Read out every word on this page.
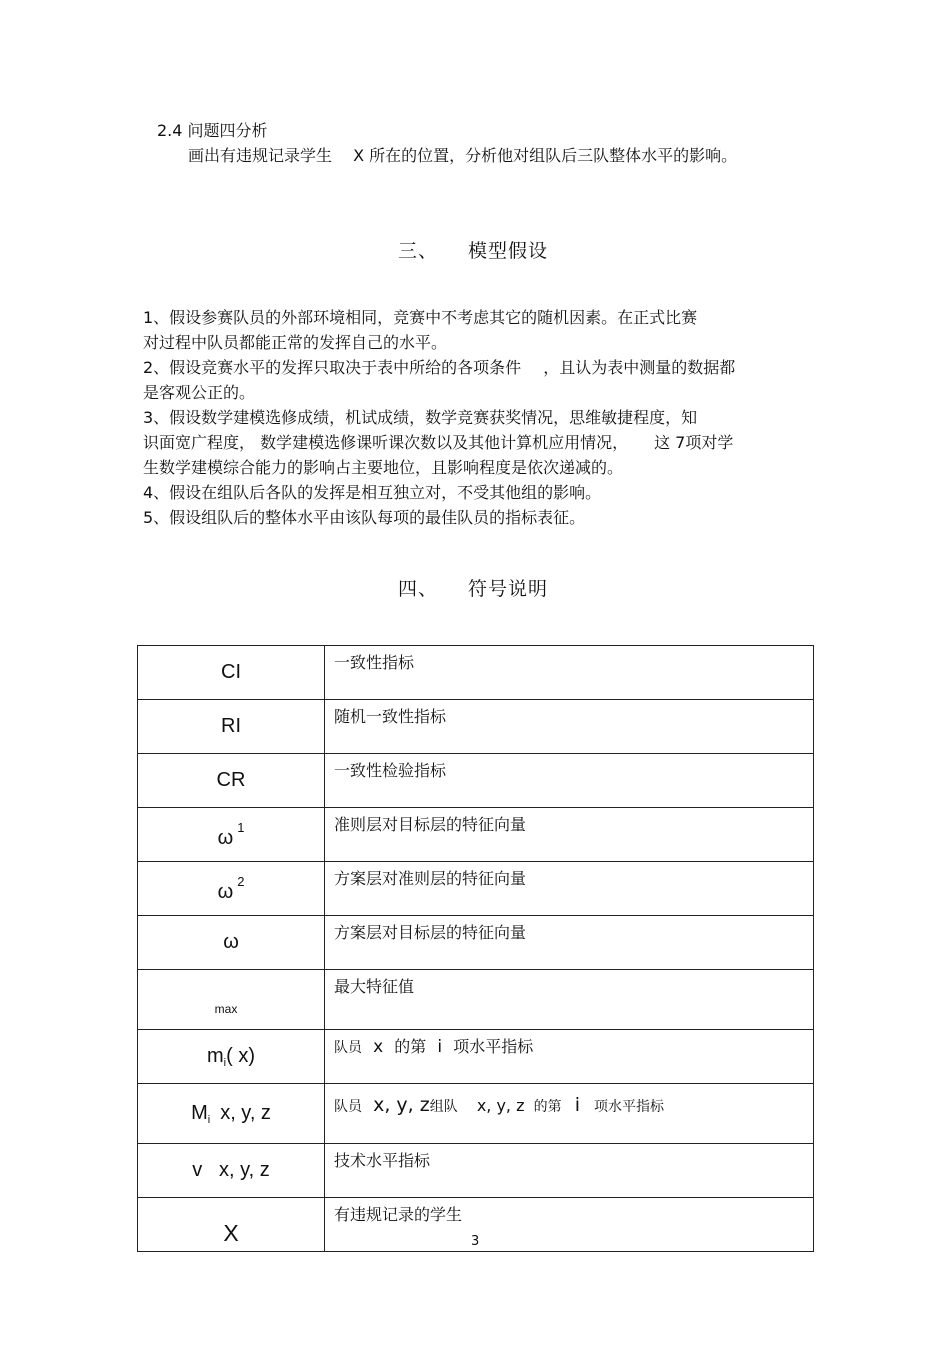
2.4 问题四分析
画出有违规记录学生 X 所在的位置，分析他对组队后三队整体水平的影响。
三、 模型假设

1、假设参赛队员的外部环境相同，竞赛中不考虑其它的随机因素。在正式比赛

对过程中队员都能正常的发挥自己的水平。

2、假设竞赛水平的发挥只取决于表中所给的各项条件 ，且认为表中测量的数据都

是客观公正的。

3、假设数学建模选修成绩，机试成绩，数学竞赛获奖情况，思维敏捷程度，知

识面宽广程度， 数学建模选修课听课次数以及其他计算机应用情况， 这 7项对学

生数学建模综合能力的影响占主要地位，且影响程度是依次递减的。

4、假设在组队后各队的发挥是相互独立对，不受其他组的影响。

5、假设组队后的整体水平由该队每项的最佳队员的指标表征。

四、 符号说明
CI	一致性指标
RI	随机一致性指标
CR	一致性检验指标
ω $^1$	准则层对目标层的特征向量
ω $^2$	方案层对准则层的特征向量
ω	方案层对目标层的特征向量
max	最大特征值
$m_i$( x)	队员 x 的第 i 项水平指标
$M_i$ x, y, z	队员 x, y, z组队 x, y, z 的第 i 项水平指标
v   x, y, z	技术水平指标
X	有违规记录的学生
3
